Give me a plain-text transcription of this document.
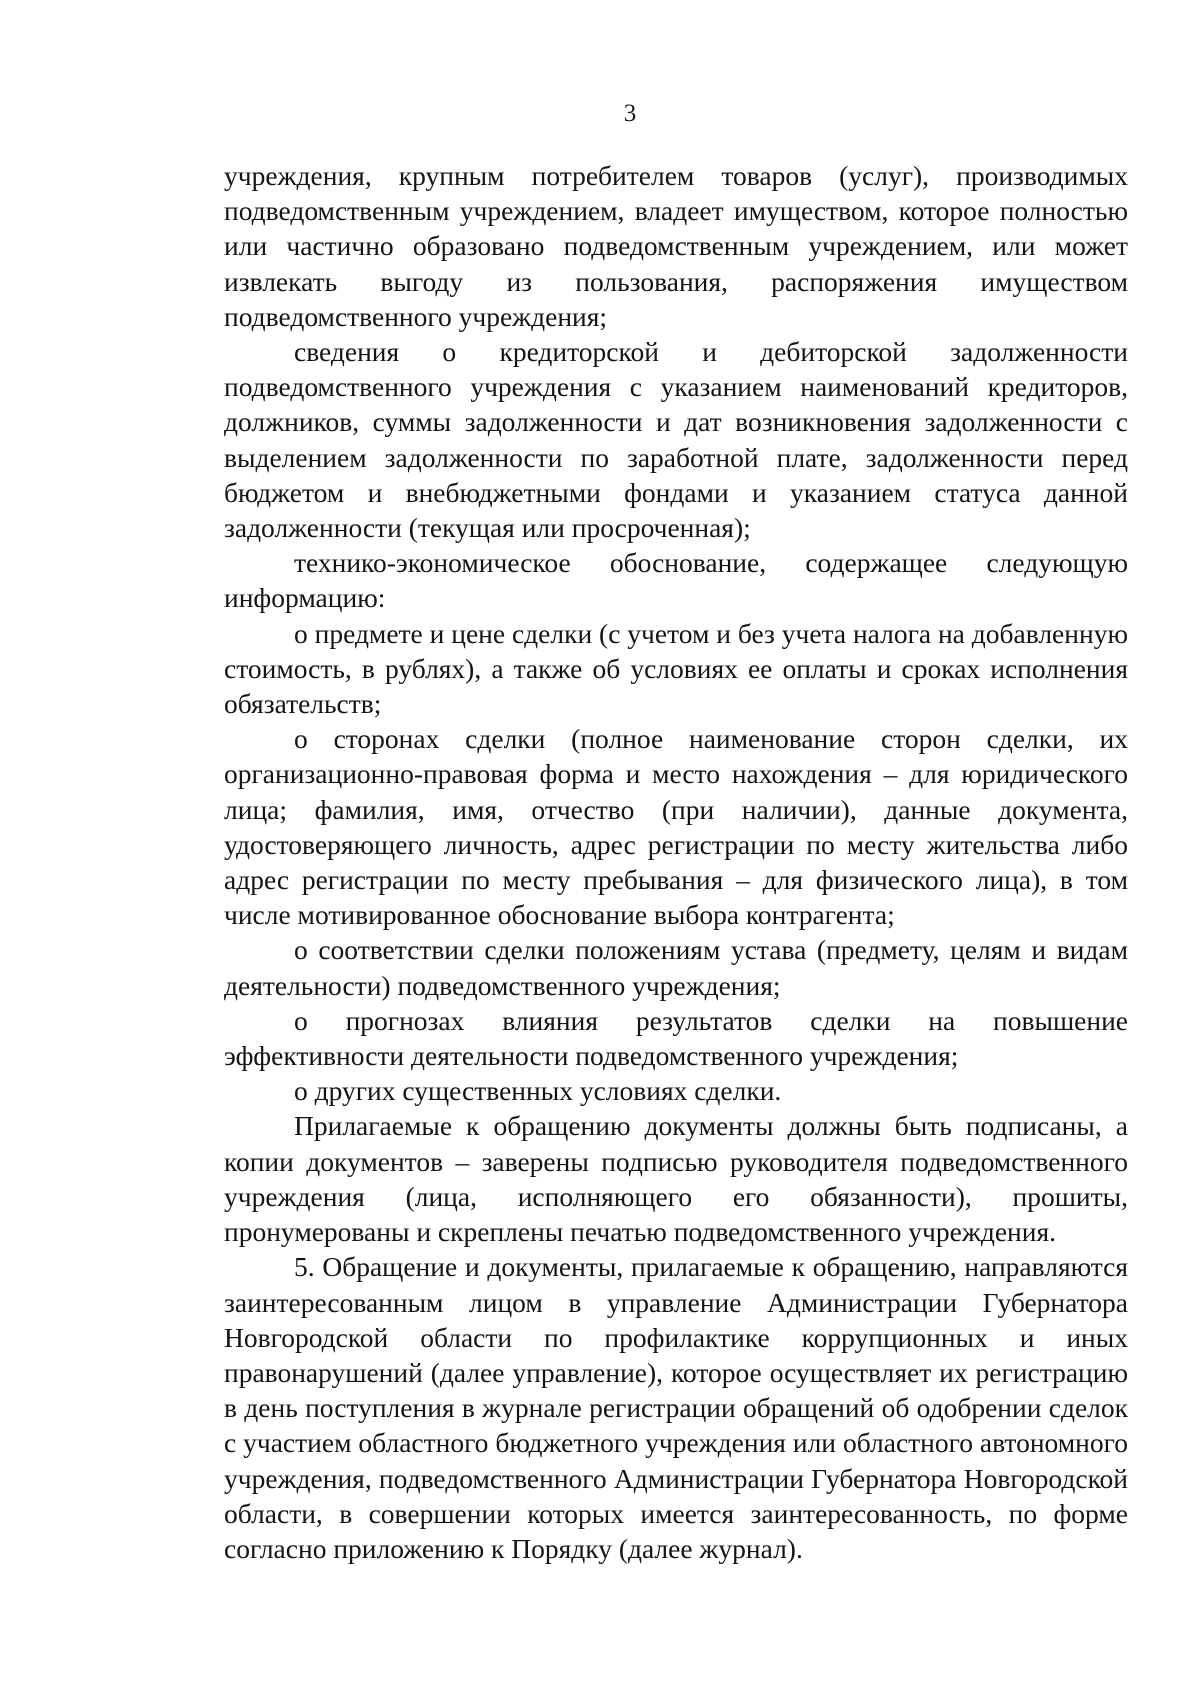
3

учреждения, крупным потребителем товаров (услуг), производимых подведомственным учреждением, владеет имуществом, которое полностью или частично образовано подведомственным учреждением, или может извлекать выгоду из пользования, распоряжения имуществом подведомственного учреждения;

сведения о кредиторской и дебиторской задолженности подведомственного учреждения с указанием наименований кредиторов, должников, суммы задолженности и дат возникновения задолженности с выделением задолженности по заработной плате, задолженности перед бюджетом и внебюджетными фондами и указанием статуса данной задолженности (текущая или просроченная);

технико-экономическое обоснование, содержащее следующую информацию:

о предмете и цене сделки (с учетом и без учета налога на добавленную стоимость, в рублях), а также об условиях ее оплаты и сроках исполнения обязательств;

о сторонах сделки (полное наименование сторон сделки, их организационно-правовая форма и место нахождения – для юридического лица; фамилия, имя, отчество (при наличии), данные документа, удостоверяющего личность, адрес регистрации по месту жительства либо адрес регистрации по месту пребывания – для физического лица), в том числе мотивированное обоснование выбора контрагента;

о соответствии сделки положениям устава (предмету, целям и видам деятельности) подведомственного учреждения;

о прогнозах влияния результатов сделки на повышение эффективности деятельности подведомственного учреждения;

о других существенных условиях сделки.

Прилагаемые к обращению документы должны быть подписаны, а копии документов – заверены подписью руководителя подведомственного учреждения (лица, исполняющего его обязанности), прошиты, пронумерованы и скреплены печатью подведомственного учреждения.

5. Обращение и документы, прилагаемые к обращению, направляются заинтересованным лицом в управление Администрации Губернатора Новгородской области по профилактике коррупционных и иных правонарушений (далее управление), которое осуществляет их регистрацию в день поступления в журнале регистрации обращений об одобрении сделок с участием областного бюджетного учреждения или областного автономного учреждения, подведомственного Администрации Губернатора Новгородской области, в совершении которых имеется заинтересованность, по форме согласно приложению к Порядку (далее журнал).
